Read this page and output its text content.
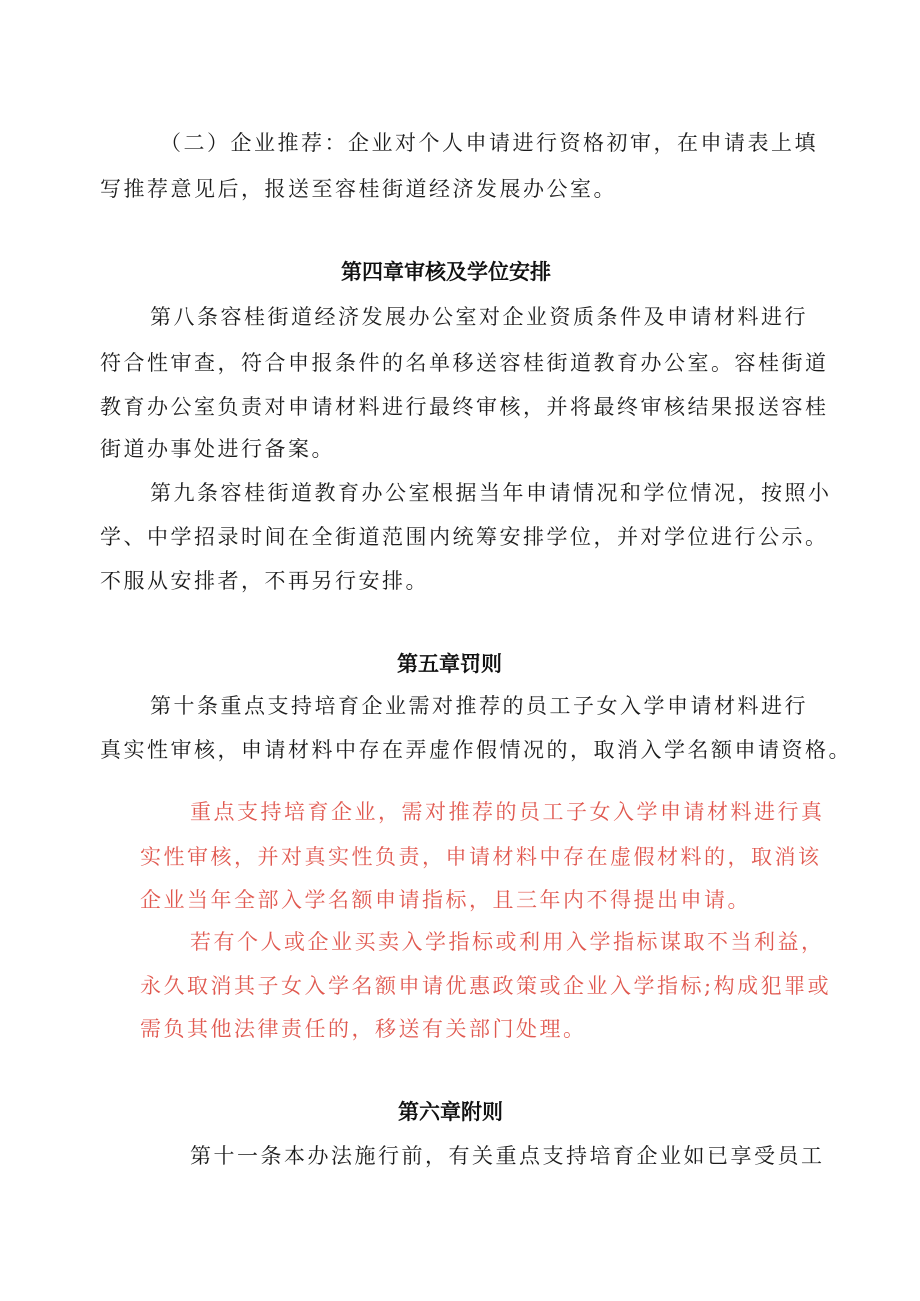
（二）企业推荐：企业对个人申请进行资格初审，在申请表上填
写推荐意见后，报送至容桂街道经济发展办公室。
第四章审核及学位安排
第八条容桂街道经济发展办公室对企业资质条件及申请材料进行
符合性审查，符合申报条件的名单移送容桂街道教育办公室。容桂街道
教育办公室负责对申请材料进行最终审核，并将最终审核结果报送容桂
街道办事处进行备案。
第九条容桂街道教育办公室根据当年申请情况和学位情况，按照小
学、中学招录时间在全街道范围内统筹安排学位，并对学位进行公示。
不服从安排者，不再另行安排。
第五章罚则
第十条重点支持培育企业需对推荐的员工子女入学申请材料进行
真实性审核，申请材料中存在弄虚作假情况的，取消入学名额申请资格。
重点支持培育企业，需对推荐的员工子女入学申请材料进行真
实性审核，并对真实性负责，申请材料中存在虚假材料的，取消该
企业当年全部入学名额申请指标，且三年内不得提出申请。
若有个人或企业买卖入学指标或利用入学指标谋取不当利益，
永久取消其子女入学名额申请优惠政策或企业入学指标;构成犯罪或
需负其他法律责任的，移送有关部门处理。
第六章附则
第十一条本办法施行前，有关重点支持培育企业如已享受员工
